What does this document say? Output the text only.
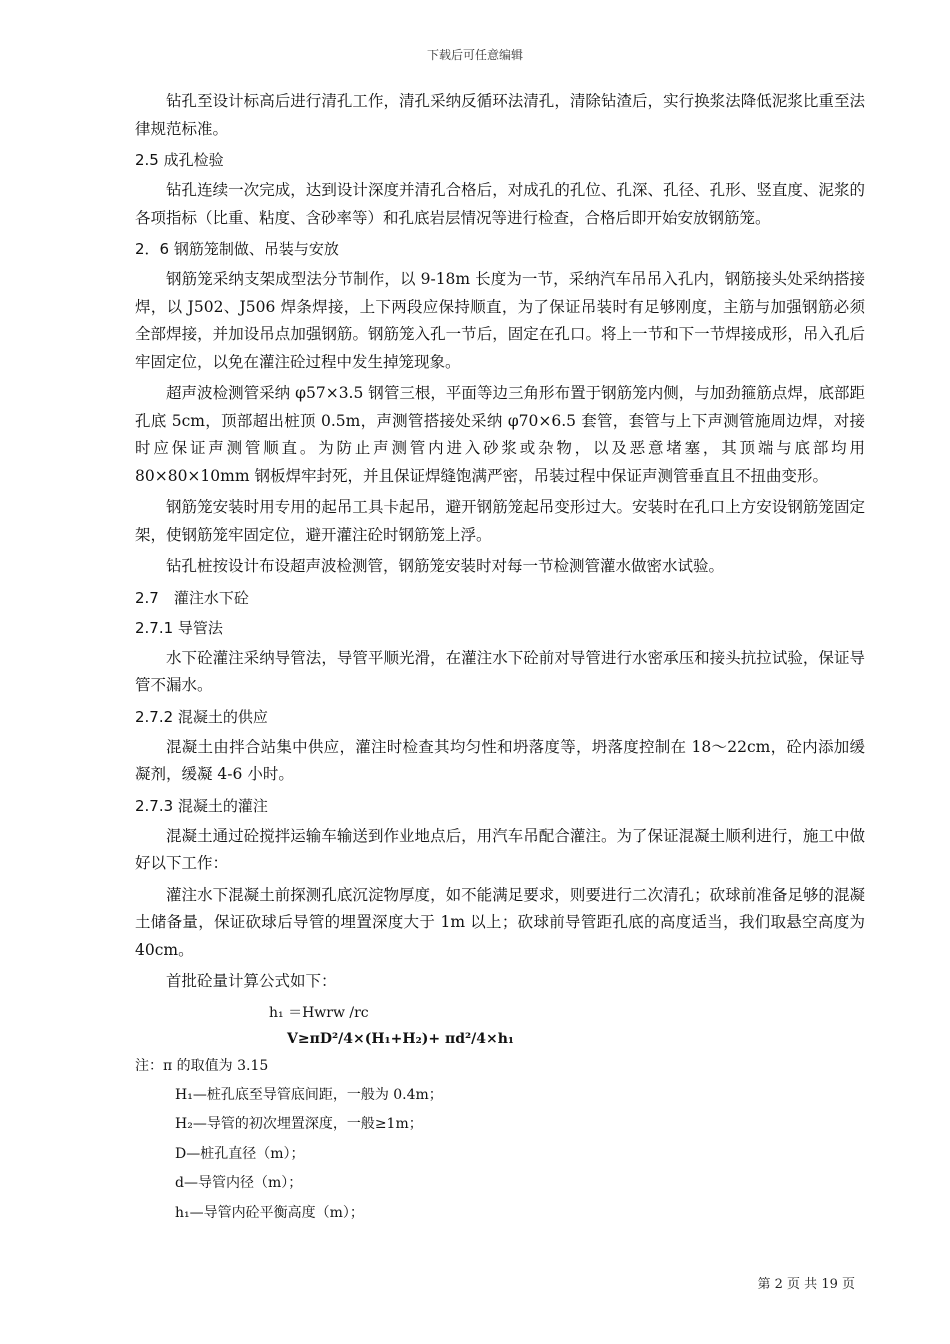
下载后可任意编辑

钻孔至设计标高后进行清孔工作，清孔采纳反循环法清孔，清除钻渣后，实行换浆法降低泥浆比重至法律规范标准。

2.5 成孔检验

钻孔连续一次完成，达到设计深度并清孔合格后，对成孔的孔位、孔深、孔径、孔形、竖直度、泥浆的各项指标（比重、粘度、含砂率等）和孔底岩层情况等进行检查，合格后即开始安放钢筋笼。

2．6 钢筋笼制做、吊装与安放

钢筋笼采纳支架成型法分节制作，以 9-18m 长度为一节，采纳汽车吊吊入孔内，钢筋接头处采纳搭接焊，以 J502、J506 焊条焊接，上下两段应保持顺直，为了保证吊装时有足够刚度，主筋与加强钢筋必须全部焊接，并加设吊点加强钢筋。钢筋笼入孔一节后，固定在孔口。将上一节和下一节焊接成形，吊入孔后牢固定位，以免在灌注砼过程中发生掉笼现象。

超声波检测管采纳 φ57×3.5 钢管三根，平面等边三角形布置于钢筋笼内侧，与加劲箍筋点焊，底部距孔底 5cm，顶部超出桩顶 0.5m，声测管搭接处采纳 φ70×6.5 套管，套管与上下声测管施周边焊，对接时应保证声测管顺直。为防止声测管内进入砂浆或杂物，以及恶意堵塞，其顶端与底部均用 80×80×10mm 钢板焊牢封死，并且保证焊缝饱满严密，吊装过程中保证声测管垂直且不扭曲变形。

钢筋笼安装时用专用的起吊工具卡起吊，避开钢筋笼起吊变形过大。安装时在孔口上方安设钢筋笼固定架，使钢筋笼牢固定位，避开灌注砼时钢筋笼上浮。

钻孔桩按设计布设超声波检测管，钢筋笼安装时对每一节检测管灌水做密水试验。

2.7　灌注水下砼

2.7.1 导管法

水下砼灌注采纳导管法，导管平顺光滑，在灌注水下砼前对导管进行水密承压和接头抗拉试验，保证导管不漏水。

2.7.2 混凝土的供应

混凝土由拌合站集中供应，灌注时检查其均匀性和坍落度等，坍落度控制在 18～22cm，砼内添加缓凝剂，缓凝 4-6 小时。

2.7.3 混凝土的灌注

混凝土通过砼搅拌运输车输送到作业地点后，用汽车吊配合灌注。为了保证混凝土顺利进行，施工中做好以下工作：

灌注水下混凝土前探测孔底沉淀物厚度，如不能满足要求，则要进行二次清孔；砍球前准备足够的混凝土储备量，保证砍球后导管的埋置深度大于 1m 以上；砍球前导管距孔底的高度适当，我们取悬空高度为 40cm。

首批砼量计算公式如下：

h₁ ＝Hwrw /rc

V≥πD²/4×(H₁+H₂)+ πd²/4×h₁

注：π 的取值为 3.15

H₁—桩孔底至导管底间距，一般为 0.4m；

H₂—导管的初次埋置深度，一般≥1m；

D—桩孔直径（m）；

d—导管内径（m）；

h₁—导管内砼平衡高度（m）；

第 2 页 共 19 页
